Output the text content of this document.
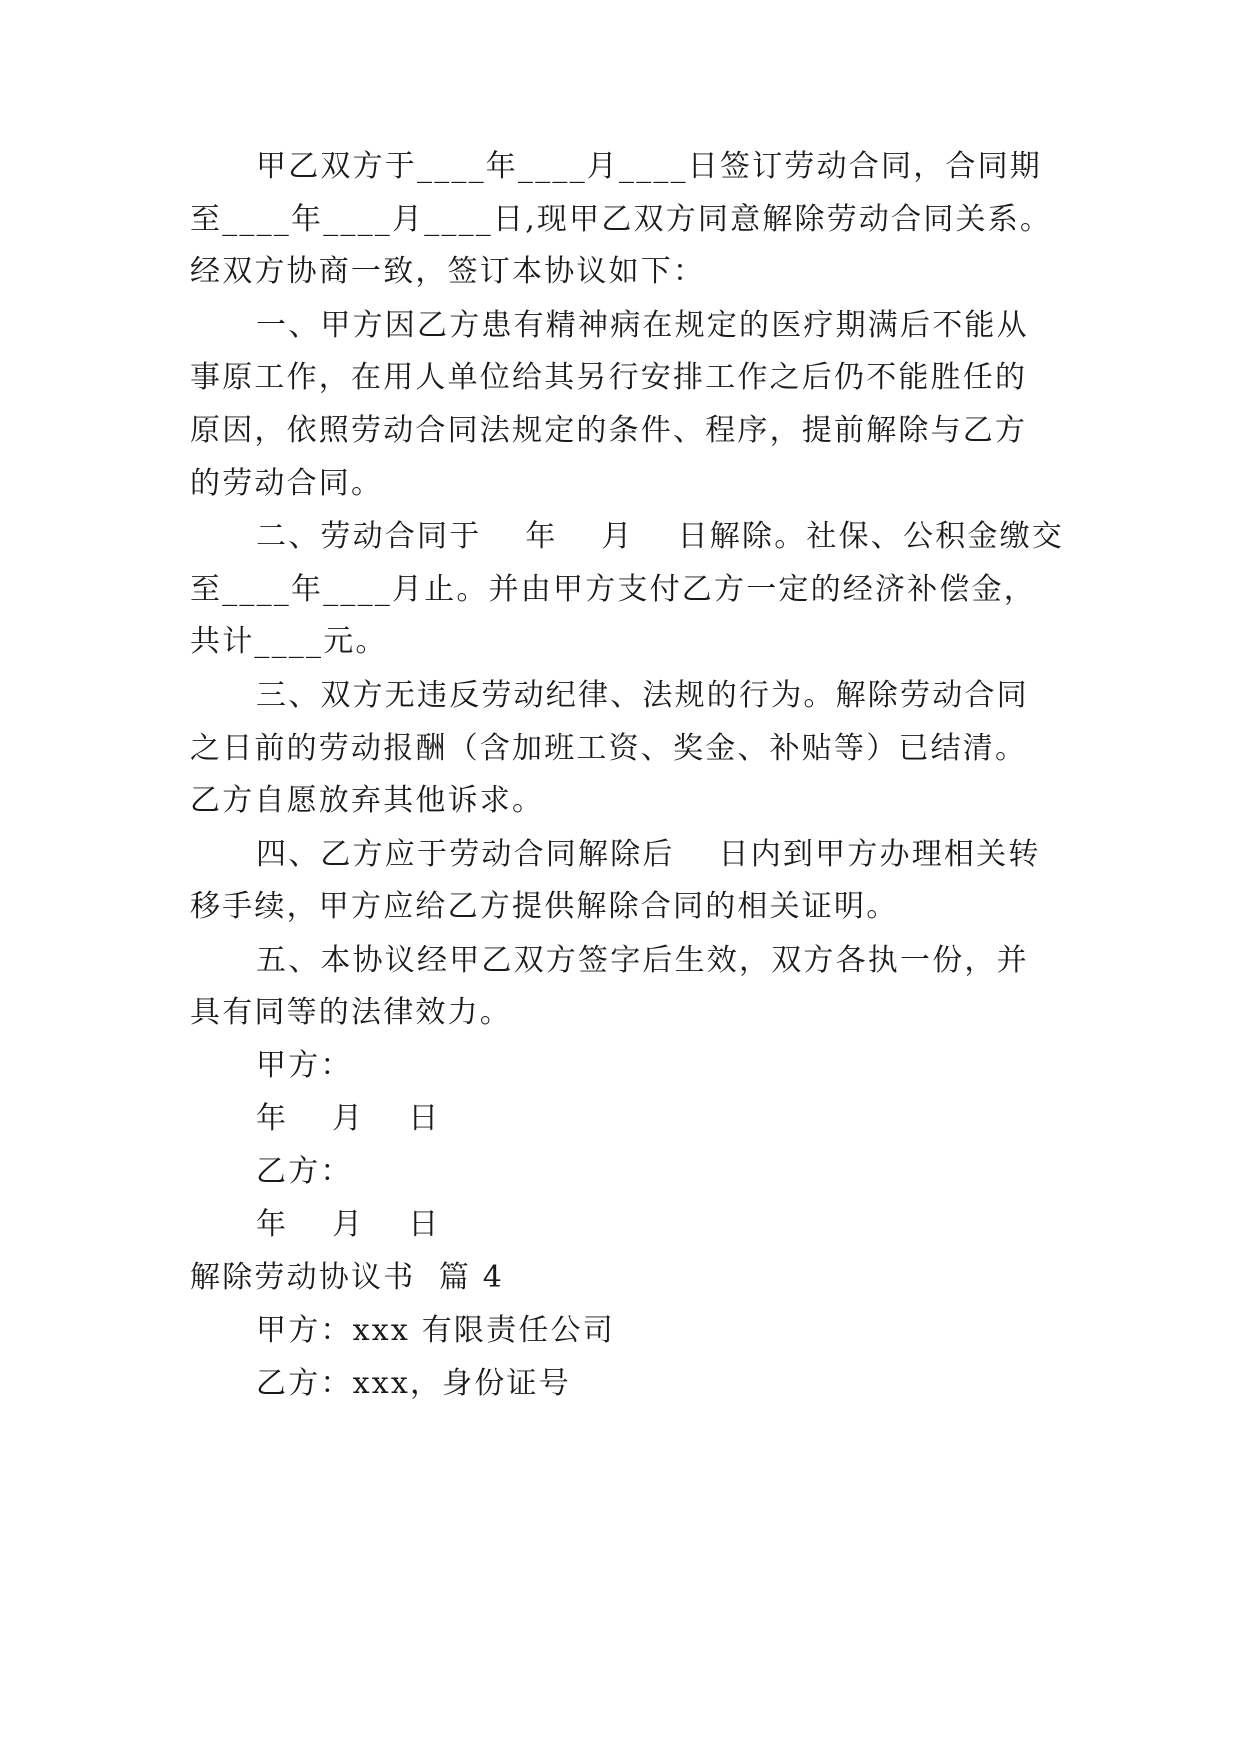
甲乙双方于____年____月____日签订劳动合同，合同期
至____年____月____日,现甲乙双方同意解除劳动合同关系。
经双方协商一致，签订本协议如下：
一、甲方因乙方患有精神病在规定的医疗期满后不能从
事原工作，在用人单位给其另行安排工作之后仍不能胜任的
原因，依照劳动合同法规定的条件、程序，提前解除与乙方
的劳动合同。
二、劳动合同于　 年　 月　 日解除。社保、公积金缴交
至____年____月止。并由甲方支付乙方一定的经济补偿金，
共计____元。
三、双方无违反劳动纪律、法规的行为。解除劳动合同
之日前的劳动报酬（含加班工资、奖金、补贴等）已结清。
乙方自愿放弃其他诉求。
四、乙方应于劳动合同解除后　 日内到甲方办理相关转
移手续，甲方应给乙方提供解除合同的相关证明。
五、本协议经甲乙双方签字后生效，双方各执一份，并
具有同等的法律效力。
甲方：
年　 月　 日
乙方：
年　 月　 日
解除劳动协议书  篇 4
甲方：xxx 有限责任公司
乙方：xxx，身份证号
